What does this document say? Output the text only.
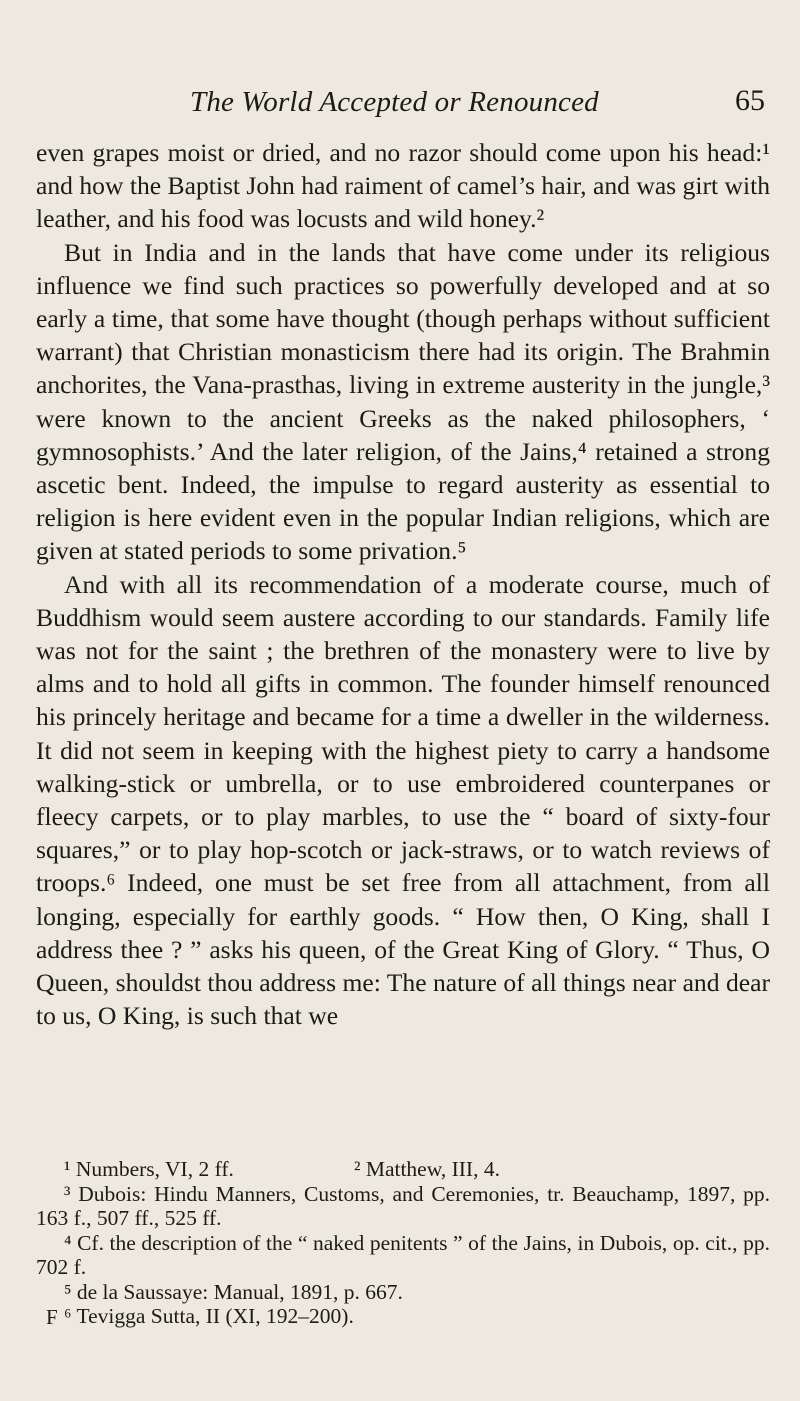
The World Accepted or Renounced	65

even grapes moist or dried, and no razor should come upon his head:¹ and how the Baptist John had raiment of camel’s hair, and was girt with leather, and his food was locusts and wild honey.²

But in India and in the lands that have come under its religious influence we find such practices so powerfully developed and at so early a time, that some have thought (though perhaps without sufficient warrant) that Christian monasticism there had its origin. The Brahmin anchorites, the Vana-prasthas, living in extreme austerity in the jungle,³ were known to the ancient Greeks as the naked philosophers, ‘ gymnosophists.’ And the later religion, of the Jains,⁴ retained a strong ascetic bent. Indeed, the impulse to regard austerity as essential to religion is here evident even in the popular Indian religions, which are given at stated periods to some privation.⁵

And with all its recommendation of a moderate course, much of Buddhism would seem austere according to our standards. Family life was not for the saint ; the brethren of the monastery were to live by alms and to hold all gifts in common. The founder himself renounced his princely heritage and became for a time a dweller in the wilderness. It did not seem in keeping with the highest piety to carry a handsome walking-stick or umbrella, or to use embroidered counterpanes or fleecy carpets, or to play marbles, to use the “ board of sixty-four squares,” or to play hop-scotch or jack-straws, or to watch reviews of troops.⁶ Indeed, one must be set free from all attachment, from all longing, especially for earthly goods. “ How then, O King, shall I address thee ? ” asks his queen, of the Great King of Glory. “ Thus, O Queen, shouldst thou address me: The nature of all things near and dear to us, O King, is such that we

¹ Numbers, VI, 2 ff.	² Matthew, III, 4.

³ Dubois: Hindu Manners, Customs, and Ceremonies, tr. Beauchamp, 1897, pp. 163 f., 507 ff., 525 ff.

⁴ Cf. the description of the “ naked penitents ” of the Jains, in Dubois, op. cit., pp. 702 f.

⁵ de la Saussaye: Manual, 1891, p. 667.

⁶ Tevigga Sutta, II (XI, 192–200).

F
